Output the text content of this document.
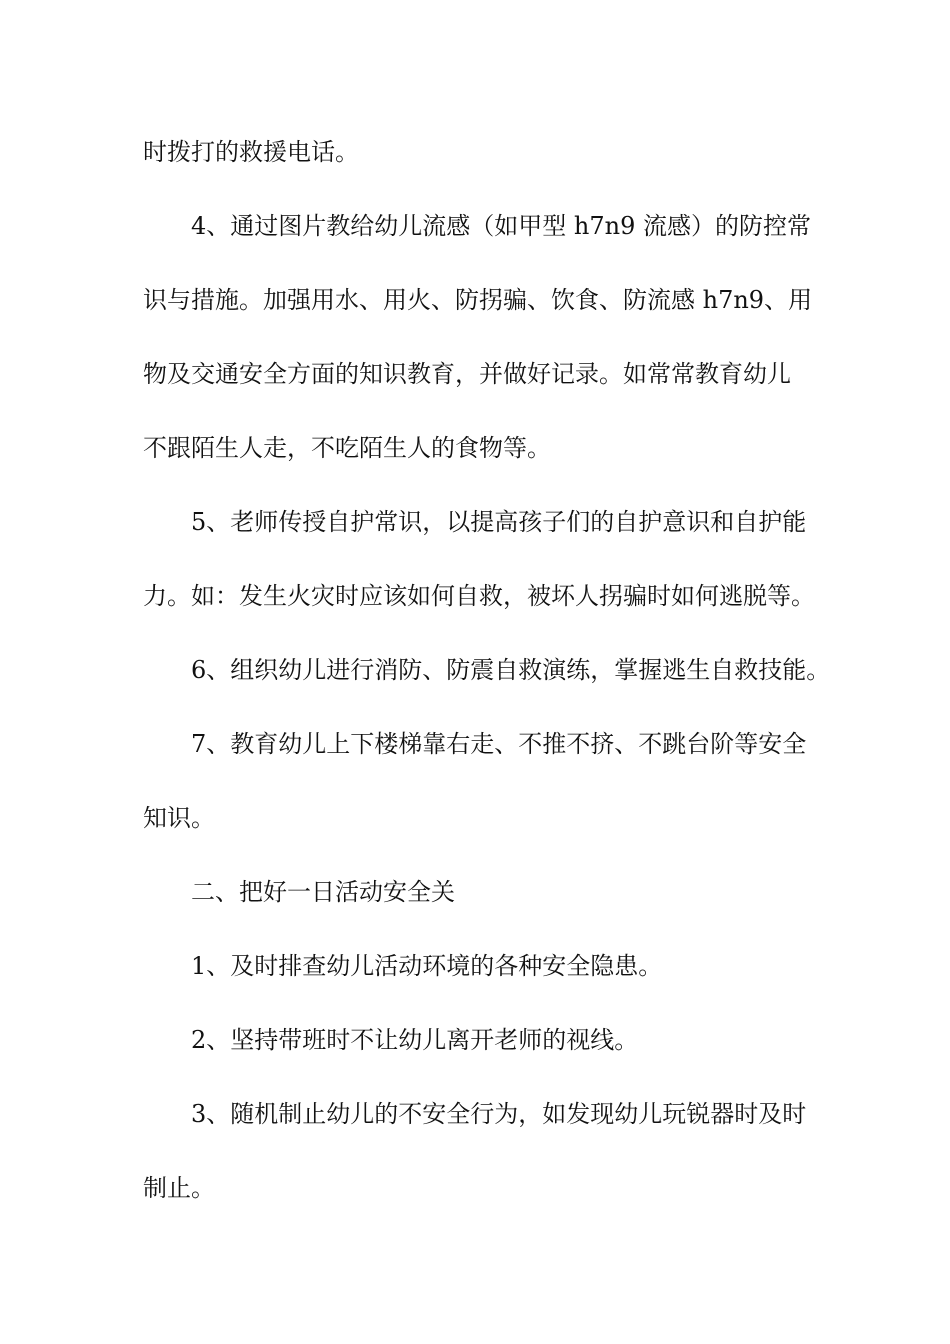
时拨打的救援电话。
4、通过图片教给幼儿流感（如甲型 h7n9 流感）的防控常
识与措施。加强用水、用火、防拐骗、饮食、防流感 h7n9、用
物及交通安全方面的知识教育，并做好记录。如常常教育幼儿
不跟陌生人走，不吃陌生人的食物等。
5、老师传授自护常识，以提高孩子们的自护意识和自护能
力。如：发生火灾时应该如何自救，被坏人拐骗时如何逃脱等。
6、组织幼儿进行消防、防震自救演练，掌握逃生自救技能。
7、教育幼儿上下楼梯靠右走、不推不挤、不跳台阶等安全
知识。
二、把好一日活动安全关
1、及时排查幼儿活动环境的各种安全隐患。
2、坚持带班时不让幼儿离开老师的视线。
3、随机制止幼儿的不安全行为，如发现幼儿玩锐器时及时
制止。
